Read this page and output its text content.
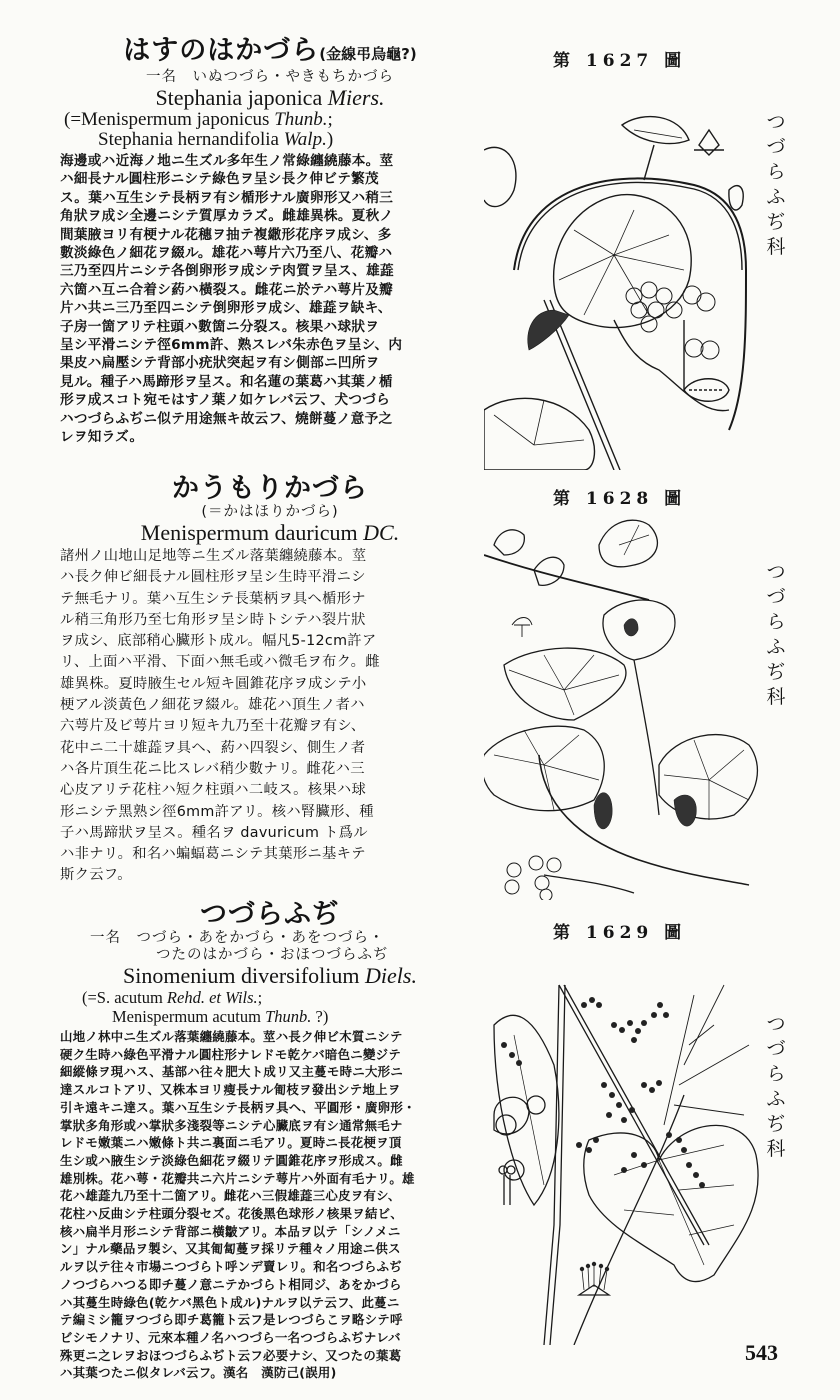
はすのはかづら(金線弔烏龜?)
一名　いぬつづら・やきもちかづら
Stephania japonica Miers.
(=Menispermum japonicus Thunb.;
Stephania hernandifolia Walp.)
海邊或ハ近海ノ地ニ生ズル多年生ノ常綠纏繞藤本。莖
ハ細長ナル圓柱形ニシテ綠色ヲ呈シ長ク伸ビテ繁茂
ス。葉ハ互生シテ長柄ヲ有シ楯形ナル廣卵形又ハ稍三
角狀ヲ成シ全邊ニシテ質厚カラズ。雌雄異株。夏秋ノ
間葉腋ヨリ有梗ナル花穗ヲ抽テ複繖形花序ヲ成シ、多
數淡綠色ノ細花ヲ綴ル。雄花ハ萼片六乃至八、花瓣ハ
三乃至四片ニシテ各倒卵形ヲ成シテ肉質ヲ呈ス、雄蕋
六箇ハ互ニ合着シ葯ハ橫裂ス。雌花ニ於テハ萼片及瓣
片ハ共ニ三乃至四ニシテ倒卵形ヲ成シ、雄蕋ヲ缺キ、
子房一箇アリテ柱頭ハ數箇ニ分裂ス。核果ハ球狀ヲ
呈シ平滑ニシテ徑6mm許、熟スレバ朱赤色ヲ呈シ、内
果皮ハ扁壓シテ背部小疣狀突起ヲ有シ側部ニ凹所ヲ
見ル。種子ハ馬蹄形ヲ呈ス。和名蓮の葉葛ハ其葉ノ楯
形ヲ成スコト宛モはすノ葉ノ如ケレバ云フ、犬つづら
ハつづらふぢニ似テ用途無キ故云フ、燒餅蔓ノ意予之
レヲ知ラズ。
かうもりかづら
(＝かはほりかづら)
Menispermum dauricum DC.
諸州ノ山地山足地等ニ生ズル落葉纏繞藤本。莖
ハ長ク伸ビ細長ナル圓柱形ヲ呈シ生時平滑ニシ
テ無毛ナリ。葉ハ互生シテ長葉柄ヲ具ヘ楯形ナ
ル稍三角形乃至七角形ヲ呈シ時トシテハ裂片狀
ヲ成シ、底部稍心臟形ト成ル。幅凡5-12cm許ア
リ、上面ハ平滑、下面ハ無毛或ハ微毛ヲ布ク。雌
雄異株。夏時腋生セル短キ圓錐花序ヲ成シテ小
梗アル淡黃色ノ細花ヲ綴ル。雄花ハ頂生ノ者ハ
六萼片及ビ萼片ヨリ短キ九乃至十花瓣ヲ有シ、
花中ニ二十雄蕋ヲ具ヘ、葯ハ四裂シ、側生ノ者
ハ各片頂生花ニ比スレバ稍少數ナリ。雌花ハ三
心皮アリテ花柱ハ短ク柱頭ハ二岐ス。核果ハ球
形ニシテ黑熟シ徑6mm許アリ。核ハ腎臟形、種
子ハ馬蹄狀ヲ呈ス。種名ヲ davuricum ト爲ル
ハ非ナリ。和名ハ蝙蝠葛ニシテ其葉形ニ基キテ
斯ク云フ。
つづらふぢ
一名　つづら・あをかづら・あをつづら・
つたのはかづら・おほつづらふぢ
Sinomenium diversifolium Diels.
(=S. acutum Rehd. et Wils.;
Menispermum acutum Thunb. ?)
山地ノ林中ニ生ズル落葉纏繞藤本。莖ハ長ク伸ビ木質ニシテ
硬ク生時ハ綠色平滑ナル圓柱形ナレドモ乾ケバ暗色ニ變ジテ
細縱條ヲ現ハス、基部ハ往々肥大ト成リ又主蔓モ時ニ大形ニ
達スルコトアリ、又株本ヨリ瘦長ナル匍枝ヲ發出シテ地上ヲ
引キ遠キニ達ス。葉ハ互生シテ長柄ヲ具ヘ、平圓形・廣卵形・
掌狀多角形或ハ掌狀多淺裂等ニシテ心臟底ヲ有シ通常無毛ナ
レドモ嫩葉ニハ嫩條ト共ニ裏面ニ毛アリ。夏時ニ長花梗ヲ頂
生シ或ハ腋生シテ淡綠色細花ヲ綴リテ圓錐花序ヲ形成ス。雌
雄別株。花ハ萼・花瓣共ニ六片ニシテ萼片ハ外面有毛ナリ。雄
花ハ雄蕋九乃至十二箇アリ。雌花ハ三假雄蕋三心皮ヲ有シ、
花柱ハ反曲シテ柱頭分裂セズ。花後黑色球形ノ核果ヲ結ビ、
核ハ扁半月形ニシテ背部ニ橫皺アリ。本品ヲ以テ「シノメニ
ン」ナル藥品ヲ製シ、又其匍匐蔓ヲ採リテ種々ノ用途ニ供ス
ルヲ以テ往々市場ニつづらト呼ンデ賣レリ。和名つづらふぢ
ノつづらハつる即チ蔓ノ意ニテかづらト相同ジ、あをかづら
ハ其蔓生時綠色(乾ケバ黑色ト成ル)ナルヲ以テ云フ、此蔓ニ
テ編ミシ籠ヲつづら即チ葛籠ト云フ是レつづらこヲ略シテ呼
ビシモノナリ、元來本種ノ名ハつづら一名つづらふぢナレバ
殊更ニ之レヲおほつづらふぢト云フ必要ナシ、又つたの葉葛
ハ其葉つたニ似タレバ云フ。漢名　漢防己(誤用)
第 1627 圖
第 1628 圖
第 1629 圖
つ
づ
ら
ふ
ぢ
科
つ
づ
ら
ふ
ぢ
科
つ
づ
ら
ふ
ぢ
科
543
